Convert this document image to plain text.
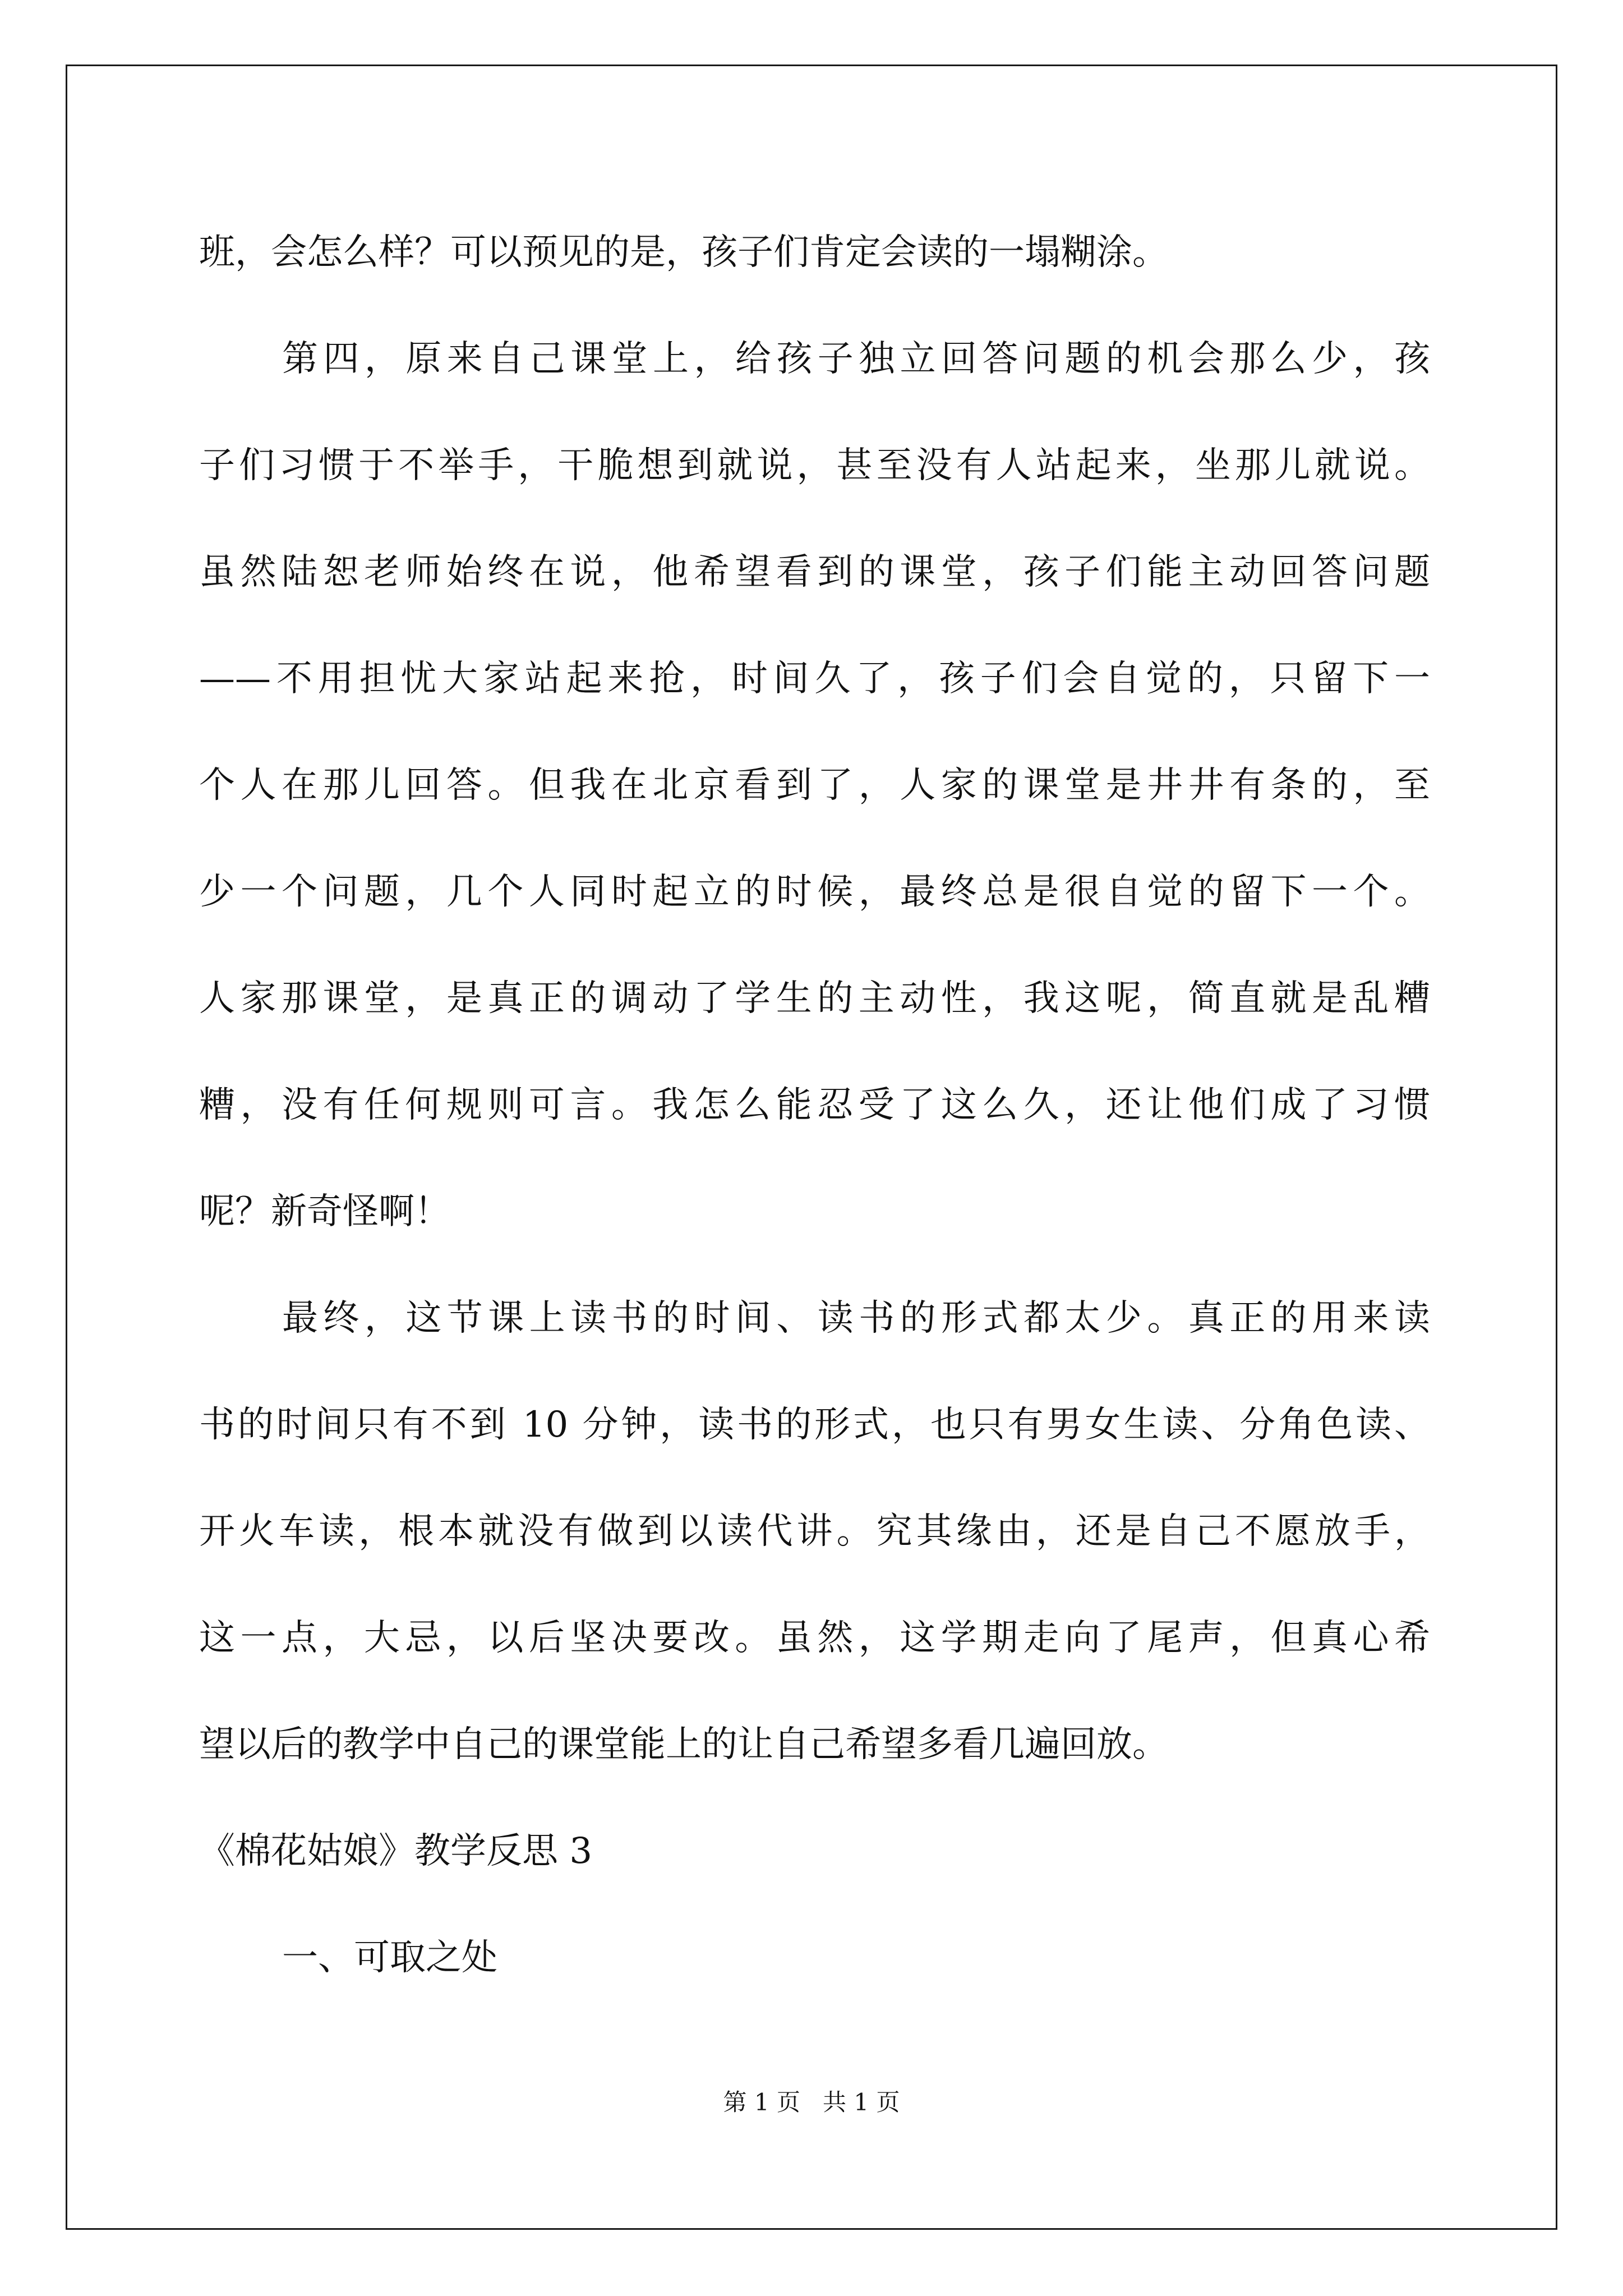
班，会怎么样？可以预见的是，孩子们肯定会读的一塌糊涂。
第四，原来自己课堂上，给孩子独立回答问题的机会那么少，孩
子们习惯于不举手，干脆想到就说，甚至没有人站起来，坐那儿就说。
虽然陆恕老师始终在说，他希望看到的课堂，孩子们能主动回答问题
——不用担忧大家站起来抢，时间久了，孩子们会自觉的，只留下一
个人在那儿回答。但我在北京看到了，人家的课堂是井井有条的，至
少一个问题，几个人同时起立的时候，最终总是很自觉的留下一个。
人家那课堂，是真正的调动了学生的主动性，我这呢，简直就是乱糟
糟，没有任何规则可言。我怎么能忍受了这么久，还让他们成了习惯
呢？新奇怪啊！
最终，这节课上读书的时间、读书的形式都太少。真正的用来读
书的时间只有不到 10 分钟，读书的形式，也只有男女生读、分角色读、
开火车读，根本就没有做到以读代讲。究其缘由，还是自己不愿放手，
这一点，大忌，以后坚决要改。虽然，这学期走向了尾声，但真心希
望以后的教学中自己的课堂能上的让自己希望多看几遍回放。
《棉花姑娘》教学反思 3
一、可取之处
第 1 页   共 1 页
